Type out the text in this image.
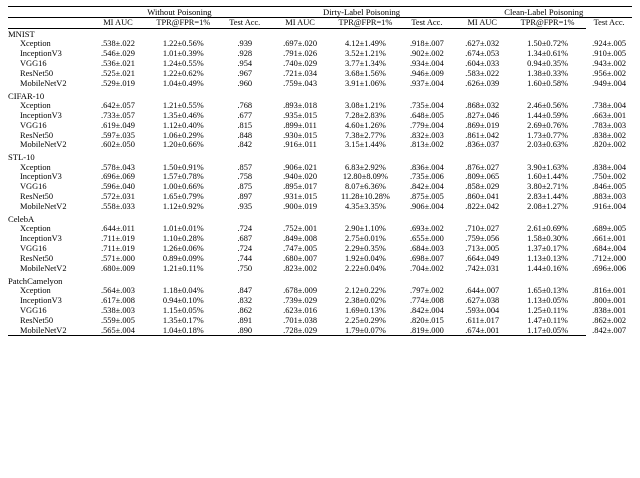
	Without Poisoning				Dirty-Label Poisoning				Clean-Label Poisoning		
	MI AUC	TPR@FPR=1%	Test Acc.		MI AUC	TPR@FPR=1%	Test Acc.		MI AUC	TPR@FPR=1%	Test Acc.
MNIST											
Xception	.538±.022	1.22±0.56%	.939		.697±.020	4.12±1.49%	.918±.007		.627±.032	1.50±0.72%	.924±.005
InceptionV3	.546±.029	1.01±0.39%	.928		.791±.026	3.52±1.21%	.902±.002		.674±.053	1.34±0.61%	.910±.005
VGG16	.536±.021	1.24±0.55%	.954		.740±.029	3.77±1.34%	.934±.004		.604±.033	0.94±0.35%	.943±.002
ResNet50	.525±.021	1.22±0.62%	.967		.721±.034	3.68±1.56%	.946±.009		.583±.022	1.38±0.33%	.956±.002
MobileNetV2	.529±.019	1.04±0.49%	.960		.759±.043	3.91±1.06%	.937±.004		.626±.039	1.60±0.58%	.949±.004

CIFAR-10											
Xception	.642±.057	1.21±0.55%	.768		.893±.018	3.08±1.21%	.735±.004		.868±.032	2.46±0.56%	.738±.004
InceptionV3	.733±.057	1.35±0.46%	.677		.935±.015	7.28±2.83%	.648±.005		.827±.046	1.44±0.59%	.663±.001
VGG16	.619±.049	1.12±0.40%	.815		.899±.011	4.60±1.26%	.779±.004		.869±.019	2.69±0.76%	.783±.003
ResNet50	.597±.035	1.06±0.29%	.848		.930±.015	7.38±2.77%	.832±.003		.861±.042	1.73±0.77%	.838±.002
MobileNetV2	.602±.050	1.20±0.66%	.842		.916±.011	3.15±1.44%	.813±.002		.836±.037	2.03±0.63%	.820±.002

STL-10											
Xception	.578±.043	1.50±0.91%	.857		.906±.021	6.83±2.92%	.836±.004		.876±.027	3.90±1.63%	.838±.004
InceptionV3	.696±.069	1.57±0.78%	.758		.940±.020	12.80±8.09%	.735±.006		.809±.065	1.60±1.44%	.750±.002
VGG16	.596±.040	1.00±0.66%	.875		.895±.017	8.07±6.36%	.842±.004		.858±.029	3.80±2.71%	.846±.005
ResNet50	.572±.031	1.65±0.79%	.897		.931±.015	11.28±10.28%	.875±.005		.860±.041	2.83±1.44%	.883±.003
MobileNetV2	.558±.033	1.12±0.92%	.935		.900±.019	4.35±3.35%	.906±.004		.822±.042	2.08±1.27%	.916±.004

CelebA											
Xception	.644±.011	1.01±0.01%	.724		.752±.001	2.90±1.10%	.693±.002		.710±.027	2.61±0.69%	.689±.005
InceptionV3	.711±.019	1.10±0.28%	.687		.849±.008	2.75±0.01%	.655±.000		.759±.056	1.58±0.30%	.661±.001
VGG16	.711±.019	1.26±0.06%	.724		.747±.005	2.29±0.35%	.684±.003		.713±.005	1.37±0.17%	.684±.004
ResNet50	.571±.000	0.89±0.09%	.744		.680±.007	1.92±0.04%	.698±.007		.664±.049	1.13±0.13%	.712±.000
MobileNetV2	.680±.009	1.21±0.11%	.750		.823±.002	2.22±0.04%	.704±.002		.742±.031	1.44±0.16%	.696±.006

PatchCamelyon											
Xception	.564±.003	1.18±0.04%	.847		.678±.009	2.12±0.22%	.797±.002		.644±.007	1.65±0.13%	.816±.001
InceptionV3	.617±.008	0.94±0.10%	.832		.739±.029	2.38±0.02%	.774±.008		.627±.038	1.13±0.05%	.800±.001
VGG16	.538±.003	1.15±0.05%	.862		.623±.016	1.69±0.13%	.842±.004		.593±.004	1.25±0.11%	.838±.001
ResNet50	.559±.005	1.35±0.17%	.891		.701±.038	2.25±0.29%	.820±.015		.611±.017	1.47±0.11%	.862±.002
MobileNetV2	.565±.004	1.04±0.18%	.890		.728±.029	1.79±0.07%	.819±.000		.674±.001	1.17±0.05%	.842±.007
